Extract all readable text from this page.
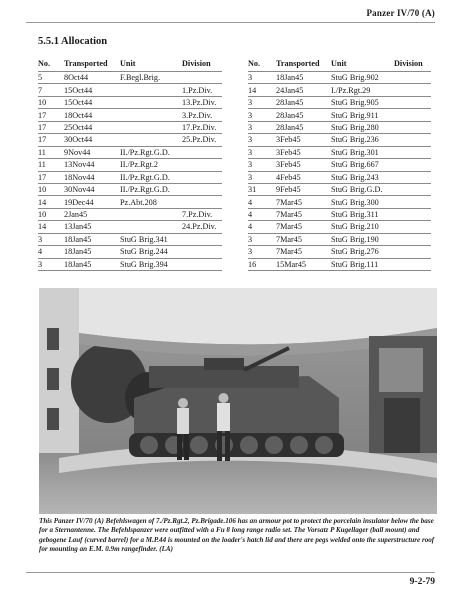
Panzer IV/70 (A)
5.5.1 Allocation
No.	Transported	Unit	Division
5	8Oct44	F.Begl.Brig.	
7	15Oct44		1.Pz.Div.
10	15Oct44		13.Pz.Div.
17	18Oct44		3.Pz.Div.
17	25Oct44		17.Pz.Div.
17	30Oct44		25.Pz.Div.
11	9Nov44	II./Pz.Rgt.G.D.	
11	13Nov44	II./Pz.Rgt.2	
17	18Nov44	II./Pz.Rgt.G.D.	
10	30Nov44	II./Pz.Rgt.G.D.	
14	19Dec44	Pz.Abt.208	
10	2Jan45		7.Pz.Div.
14	13Jan45		24.Pz.Div.
3	18Jan45	StuG Brig.341	
4	18Jan45	StuG Brig.244	
3	18Jan45	StuG Brig.394	
No.	Transported	Unit	Division
3	18Jan45	StuG Brig.902	
14	24Jan45	I./Pz.Rgt.29	
3	28Jan45	StuG Brig.905	
3	28Jan45	StuG Brig.911	
3	28Jan45	StuG Brig.280	
3	3Feb45	StuG Brig.236	
3	3Feb45	StuG Brig.301	
3	3Feb45	StuG Brig.667	
3	4Feb45	StuG Brig.243	
31	9Feb45	StuG Brig.G.D.	
4	7Mar45	StuG Brig.300	
4	7Mar45	StuG Brig.311	
4	7Mar45	StuG Brig.210	
3	7Mar45	StuG Brig.190	
3	7Mar45	StuG Brig.276	
16	15Mar45	StuG Brig.111	
This Panzer IV/70 (A) Befehlswagen of 7./Pz.Rgt.2, Pz.Brigade.106 has an armour pot to protect the porcelain insulator below the base for a Sternantenne. The Befehlspanzer were outfitted with a Fu 8 long range radio set. The Vorsatz P Kugellager (ball mount) and gebogene Lauf (curved barrel) for a M.P.44 is mounted on the loader's hatch lid and there are pegs welded onto the superstructure roof for mounting an E.M. 0.9m rangefinder. (LA)
9-2-79
